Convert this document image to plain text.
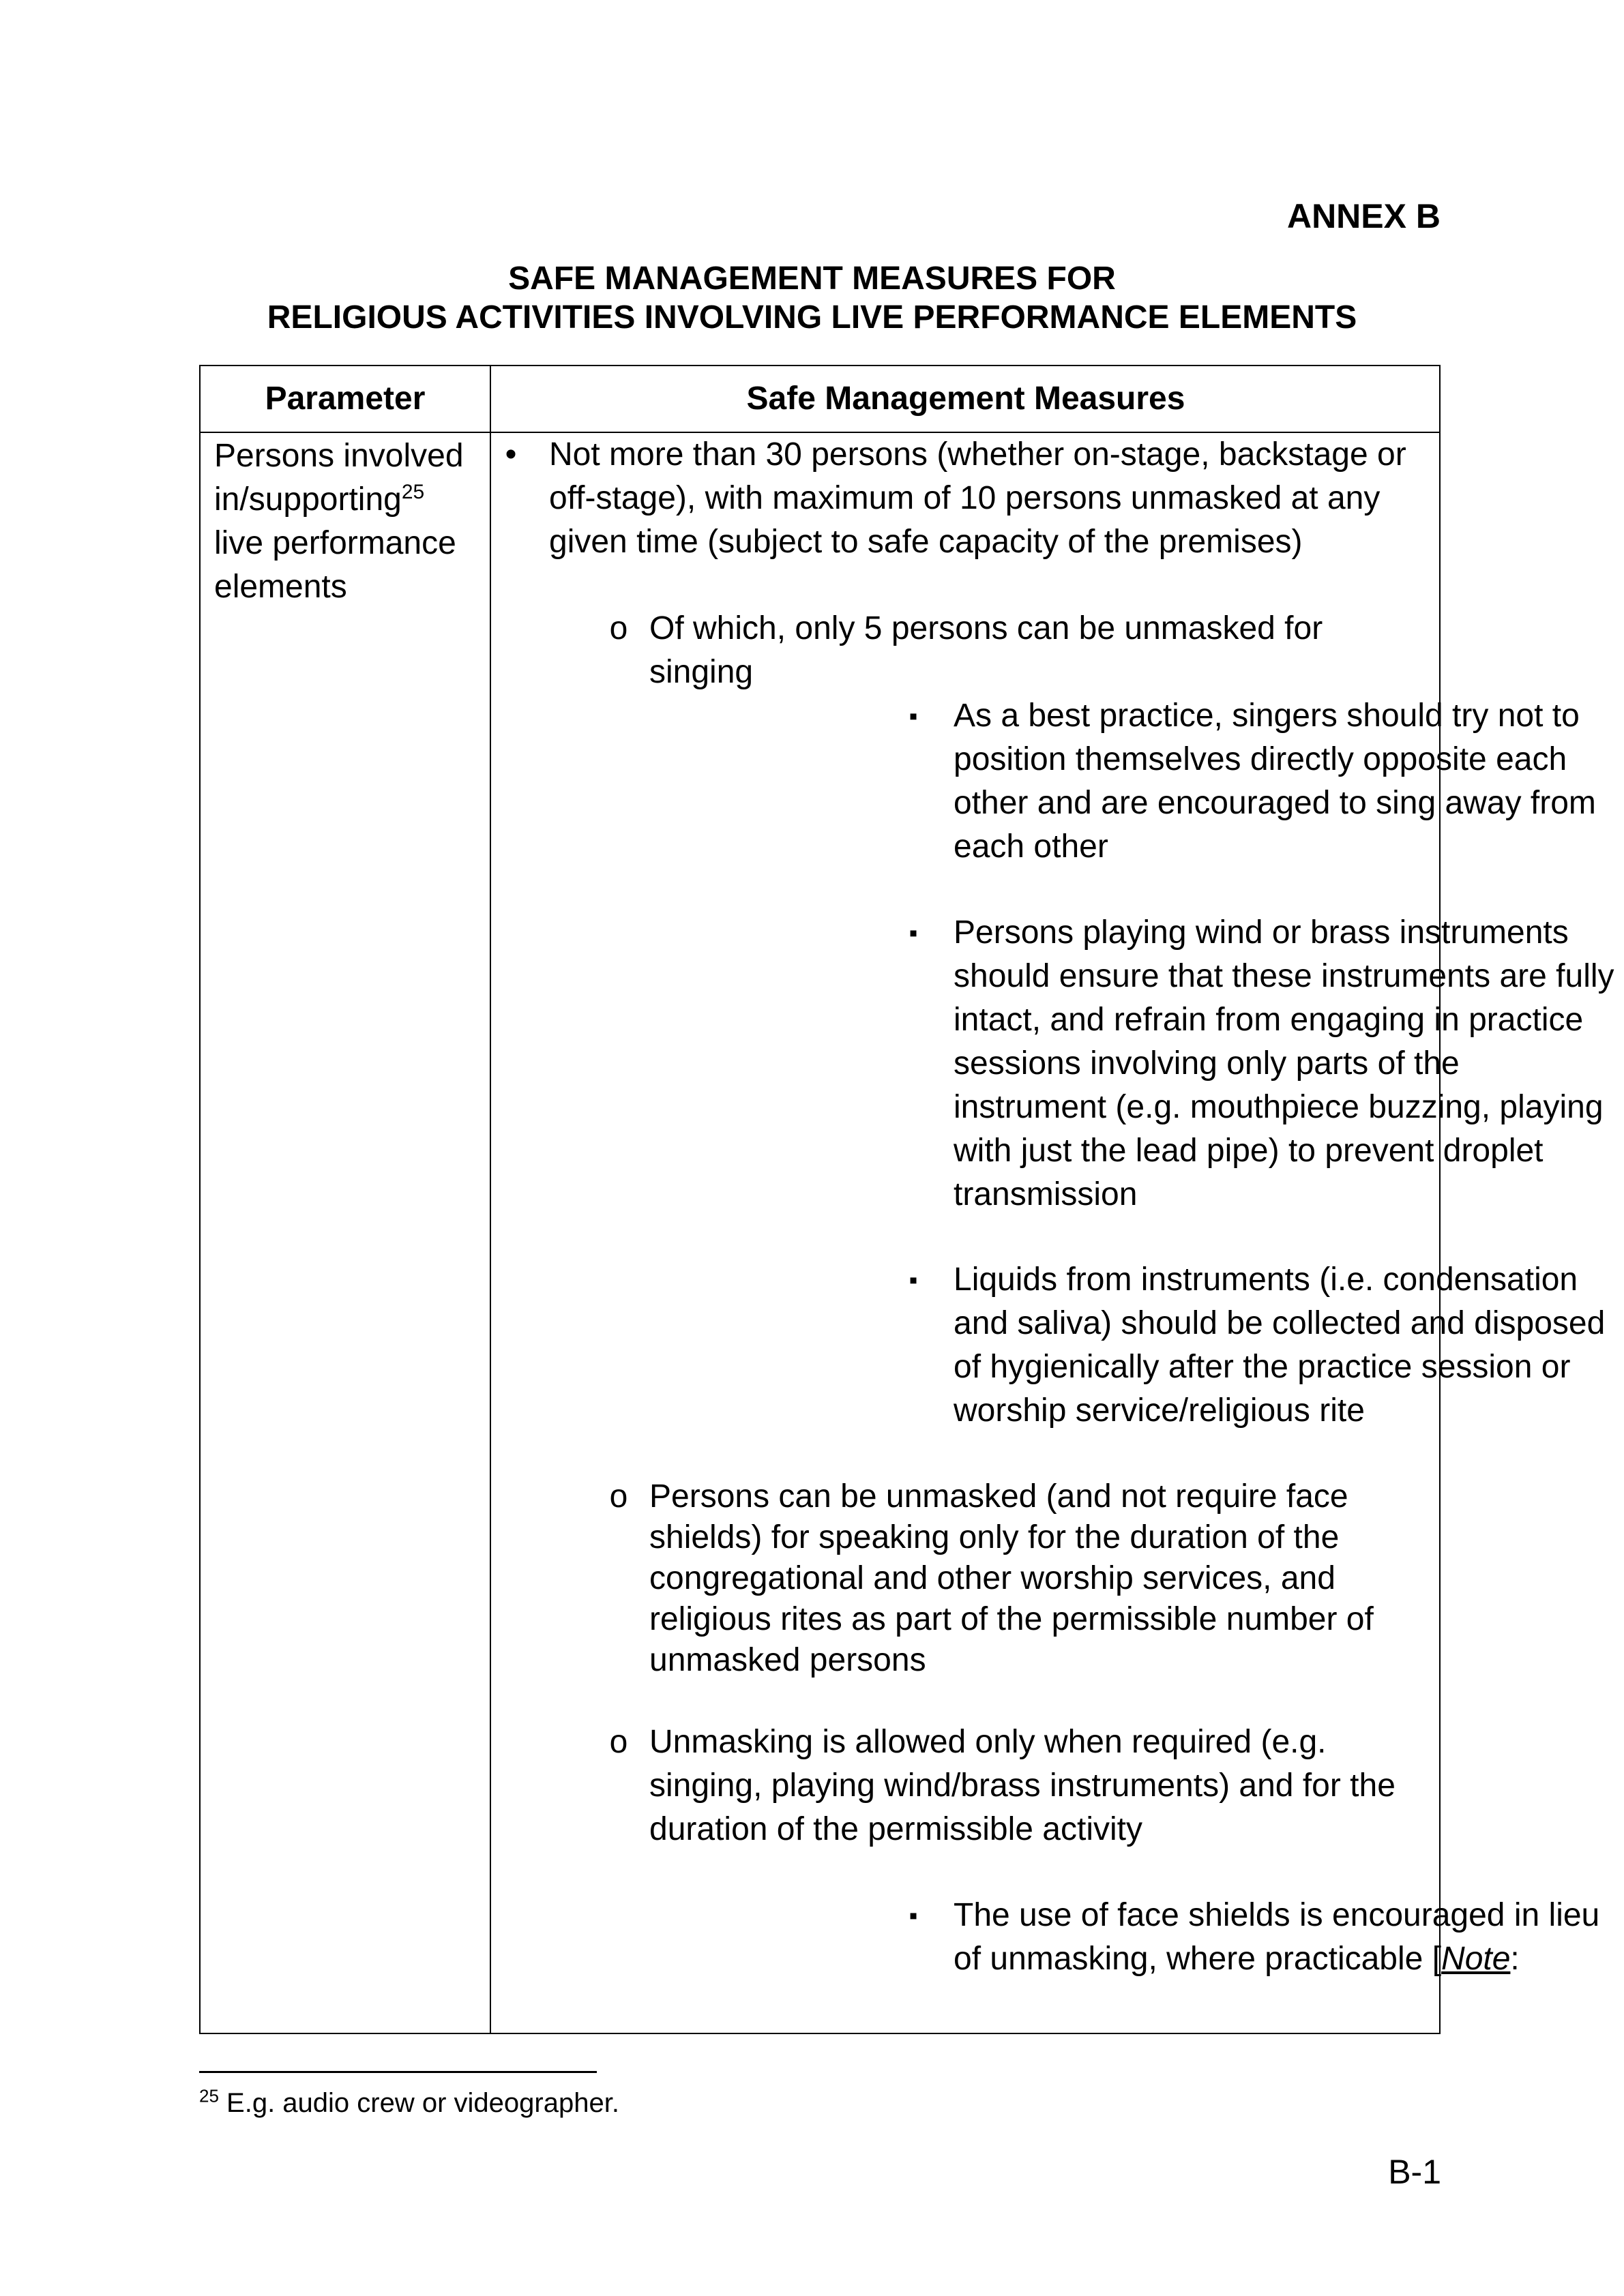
ANNEX B
SAFE MANAGEMENT MEASURES FOR
RELIGIOUS ACTIVITIES INVOLVING LIVE PERFORMANCE ELEMENTS
Parameter	Safe Management Measures
Persons involved
in/supporting$^{25}$
live performance
elements
• Not more than 30 persons (whether on-stage, backstage or
off-stage), with maximum of 10 persons unmasked at any
given time (subject to safe capacity of the premises)
o Of which, only 5 persons can be unmasked for
singing
▪ As a best practice, singers should try not to
position themselves directly opposite each
other and are encouraged to sing away from
each other
▪ Persons playing wind or brass instruments
should ensure that these instruments are fully
intact, and refrain from engaging in practice
sessions involving only parts of the
instrument (e.g. mouthpiece buzzing, playing
with just the lead pipe) to prevent droplet
transmission
▪ Liquids from instruments (i.e. condensation
and saliva) should be collected and disposed
of hygienically after the practice session or
worship service/religious rite
o Persons can be unmasked (and not require face
shields) for speaking only for the duration of the
congregational and other worship services, and
religious rites as part of the permissible number of
unmasked persons
o Unmasking is allowed only when required (e.g.
singing, playing wind/brass instruments) and for the
duration of the permissible activity
▪ The use of face shields is encouraged in lieu
of unmasking, where practicable [Note:
$^{25}$ E.g. audio crew or videographer.
B-1
